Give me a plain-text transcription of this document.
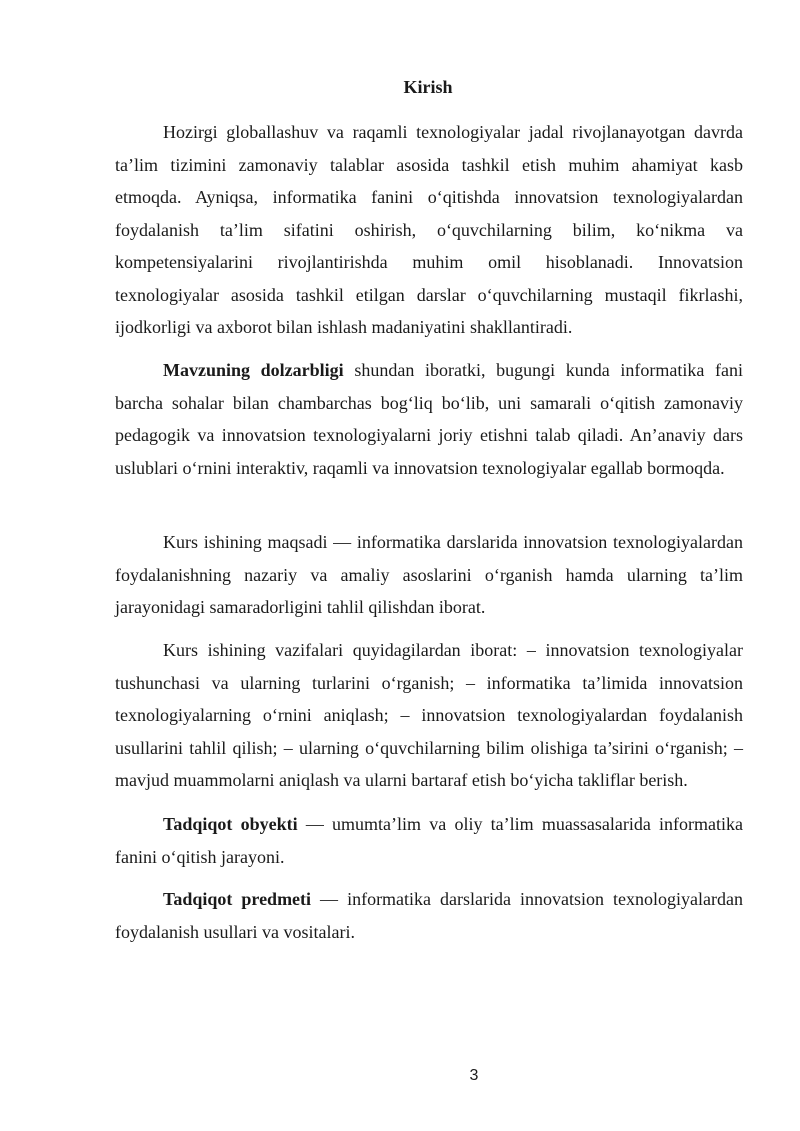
Kirish

Hozirgi globallashuv va raqamli texnologiyalar jadal rivojlanayotgan davrda ta’lim tizimini zamonaviy talablar asosida tashkil etish muhim ahamiyat kasb etmoqda. Ayniqsa, informatika fanini o‘qitishda innovatsion texnologiyalardan foydalanish ta’lim sifatini oshirish, o‘quvchilarning bilim, ko‘nikma va kompetensiyalarini rivojlantirishda muhim omil hisoblanadi. Innovatsion texnologiyalar asosida tashkil etilgan darslar o‘quvchilarning mustaqil fikrlashi, ijodkorligi va axborot bilan ishlash madaniyatini shakllantiradi.

Mavzuning dolzarbligi shundan iboratki, bugungi kunda informatika fani barcha sohalar bilan chambarchas bog‘liq bo‘lib, uni samarali o‘qitish zamonaviy pedagogik va innovatsion texnologiyalarni joriy etishni talab qiladi. An’anaviy dars uslublari o‘rnini interaktiv, raqamli va innovatsion texnologiyalar egallab bormoqda.

Kurs ishining maqsadi — informatika darslarida innovatsion texnologiyalardan foydalanishning nazariy va amaliy asoslarini o‘rganish hamda ularning ta’lim jarayonidagi samaradorligini tahlil qilishdan iborat.

Kurs ishining vazifalari quyidagilardan iborat: – innovatsion texnologiyalar tushunchasi va ularning turlarini o‘rganish; – informatika ta’limida innovatsion texnologiyalarning o‘rnini aniqlash; – innovatsion texnologiyalardan foydalanish usullarini tahlil qilish; – ularning o‘quvchilarning bilim olishiga ta’sirini o‘rganish; – mavjud muammolarni aniqlash va ularni bartaraf etish bo‘yicha takliflar berish.

Tadqiqot obyekti — umumta’lim va oliy ta’lim muassasalarida informatika fanini o‘qitish jarayoni.

Tadqiqot predmeti — informatika darslarida innovatsion texnologiyalardan foydalanish usullari va vositalari.

3
